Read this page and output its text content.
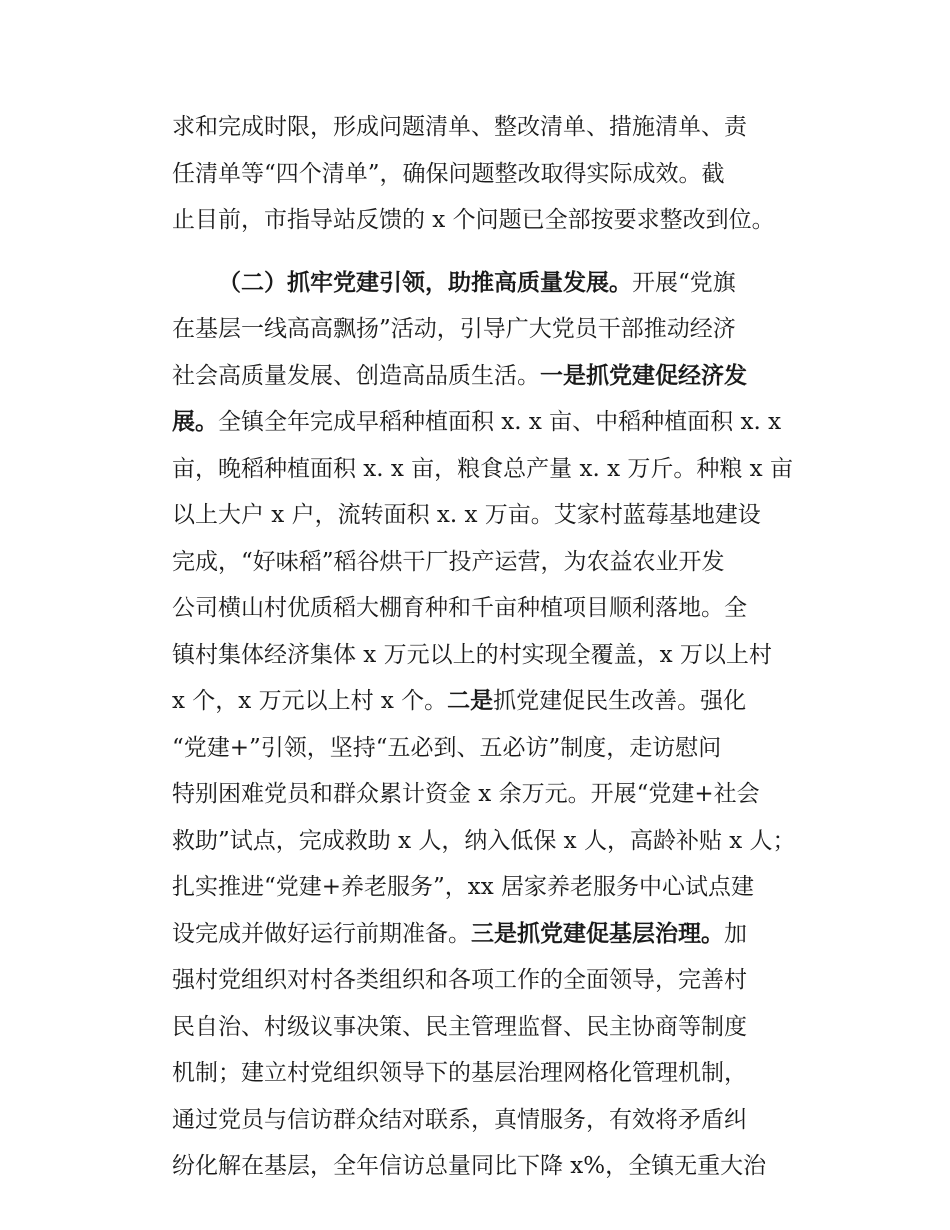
求和完成时限，形成问题清单、整改清单、措施清单、责
任清单等“四个清单”，确保问题整改取得实际成效。截
止目前，市指导站反馈的 x 个问题已全部按要求整改到位。
（二）抓牢党建引领，助推高质量发展。开展“党旗
在基层一线高高飘扬”活动，引导广大党员干部推动经济
社会高质量发展、创造高品质生活。一是抓党建促经济发
展。全镇全年完成早稻种植面积 x. x 亩、中稻种植面积 x. x
亩，晚稻种植面积 x. x 亩，粮食总产量 x. x 万斤。种粮 x 亩
以上大户 x 户，流转面积 x. x 万亩。艾家村蓝莓基地建设
完成，“好味稻”稻谷烘干厂投产运营，为农益农业开发
公司横山村优质稻大棚育种和千亩种植项目顺利落地。全
镇村集体经济集体 x 万元以上的村实现全覆盖，x 万以上村
x 个，x 万元以上村 x 个。二是抓党建促民生改善。强化
“党建+”引领，坚持“五必到、五必访”制度，走访慰问
特别困难党员和群众累计资金 x 余万元。开展“党建+社会
救助”试点，完成救助 x 人，纳入低保 x 人，高龄补贴 x 人；
扎实推进“党建+养老服务”，xx 居家养老服务中心试点建
设完成并做好运行前期准备。三是抓党建促基层治理。加
强村党组织对村各类组织和各项工作的全面领导，完善村
民自治、村级议事决策、民主管理监督、民主协商等制度
机制；建立村党组织领导下的基层治理网格化管理机制，
通过党员与信访群众结对联系，真情服务，有效将矛盾纠
纷化解在基层，全年信访总量同比下降 x%，全镇无重大治
